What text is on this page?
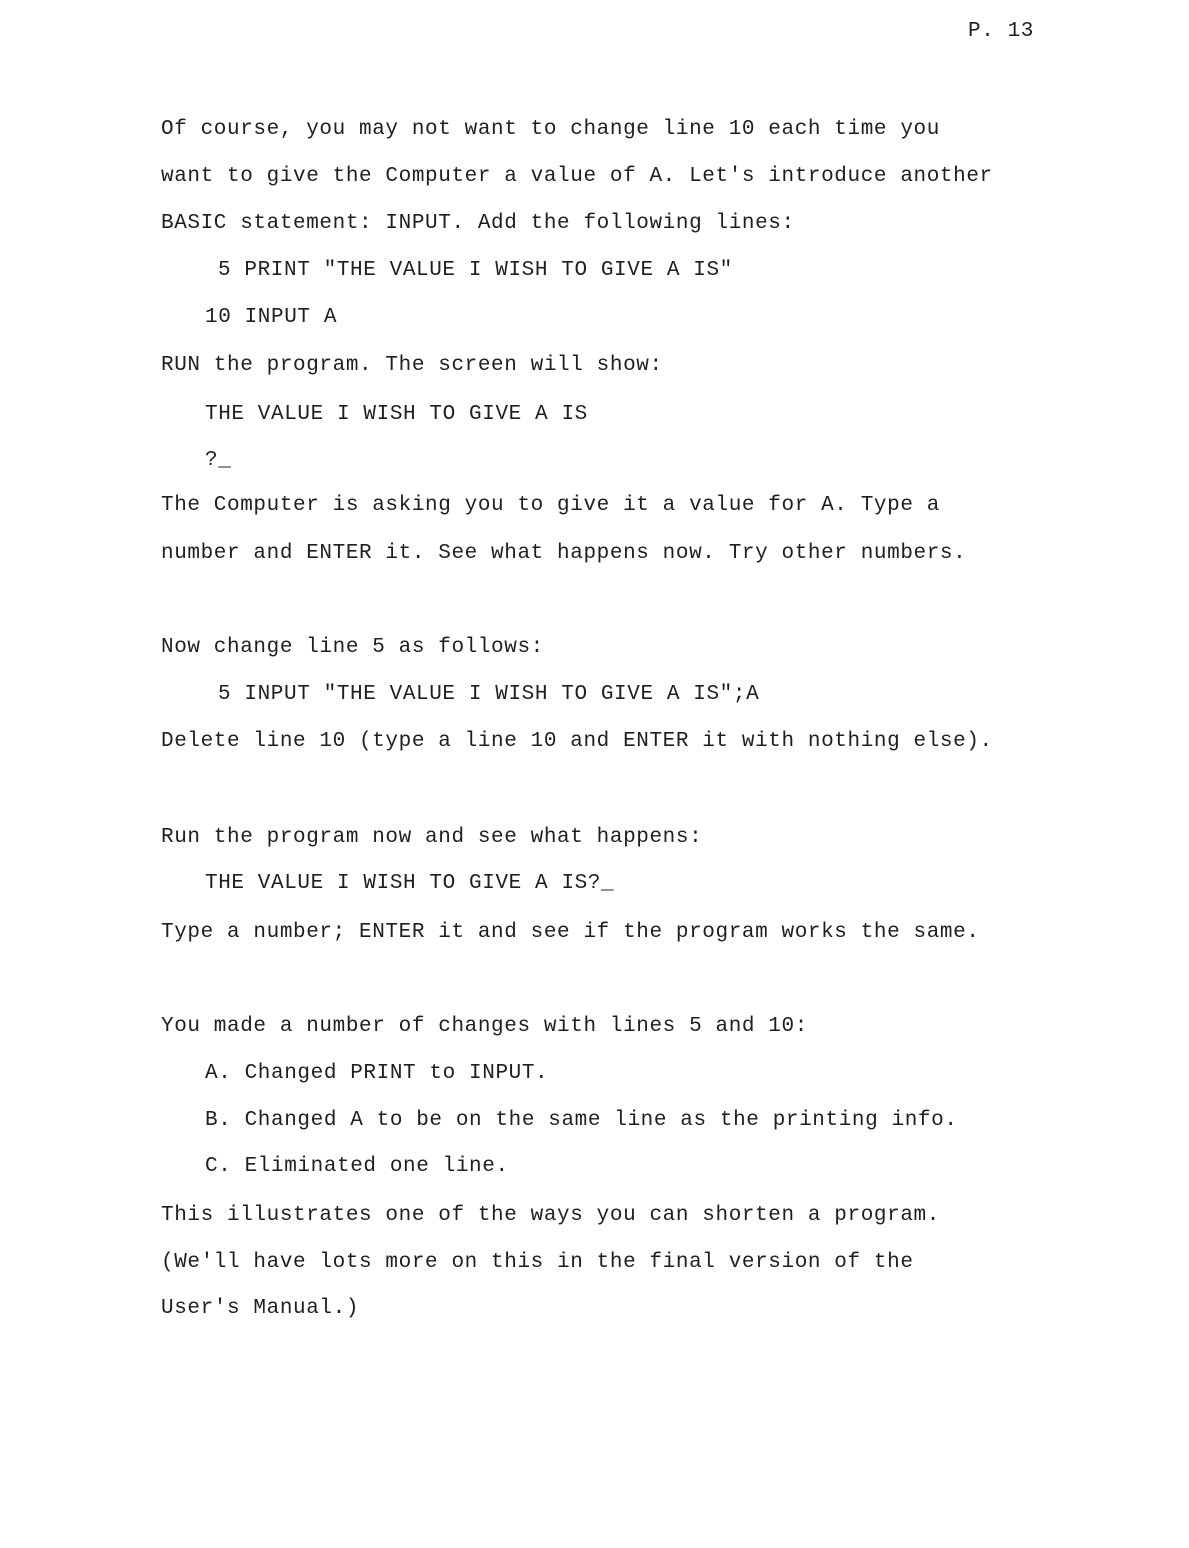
P. 13
Of course, you may not want to change line 10 each time you
want to give the Computer a value of A. Let's introduce another
BASIC statement: INPUT. Add the following lines:
5 PRINT "THE VALUE I WISH TO GIVE A IS"
10 INPUT A
RUN the program. The screen will show:
THE VALUE I WISH TO GIVE A IS
?_
The Computer is asking you to give it a value for A. Type a
number and ENTER it. See what happens now. Try other numbers.
Now change line 5 as follows:
5 INPUT "THE VALUE I WISH TO GIVE A IS";A
Delete line 10 (type a line 10 and ENTER it with nothing else).
Run the program now and see what happens:
THE VALUE I WISH TO GIVE A IS?_
Type a number; ENTER it and see if the program works the same.
You made a number of changes with lines 5 and 10:
A. Changed PRINT to INPUT.
B. Changed A to be on the same line as the printing info.
C. Eliminated one line.
This illustrates one of the ways you can shorten a program.
(We'll have lots more on this in the final version of the
User's Manual.)
